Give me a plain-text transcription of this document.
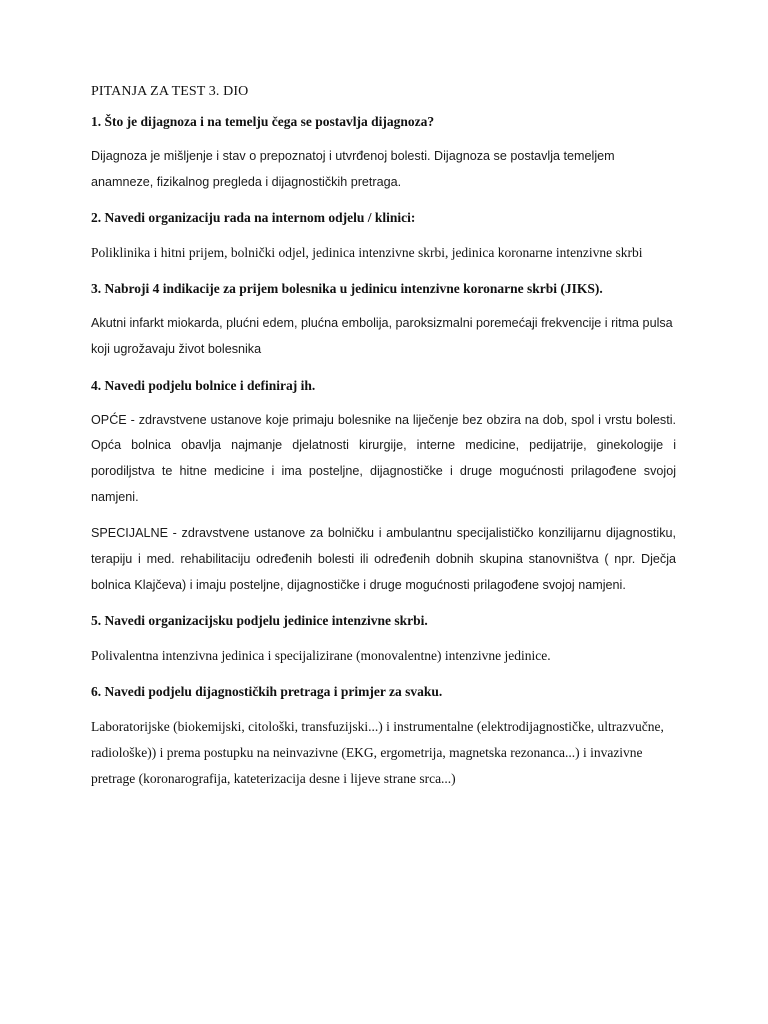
PITANJA ZA TEST 3. DIO

1. Što je dijagnoza i na temelju čega se postavlja dijagnoza?

Dijagnoza je mišljenje i stav o prepoznatoj i utvrđenoj bolesti. Dijagnoza se postavlja temeljem anamneze, fizikalnog pregleda i dijagnostičkih pretraga.

2. Navedi organizaciju rada na internom odjelu / klinici:

Poliklinika i hitni prijem, bolnički odjel, jedinica intenzivne skrbi, jedinica koronarne intenzivne skrbi

3. Nabroji 4 indikacije za prijem bolesnika u jedinicu intenzivne koronarne skrbi (JIKS).

Akutni infarkt miokarda, plućni edem, plućna embolija, paroksizmalni poremećaji frekvencije i ritma pulsa koji ugrožavaju život bolesnika

4. Navedi podjelu bolnice i definiraj ih.

OPĆE - zdravstvene ustanove koje primaju bolesnike na liječenje bez obzira na dob, spol i vrstu bolesti. Opća bolnica obavlja najmanje djelatnosti kirurgije, interne medicine, pedijatrije, ginekologije i porodiljstva te hitne medicine i ima posteljne, dijagnostičke i druge mogućnosti prilagođene svojoj namjeni.

SPECIJALNE - zdravstvene ustanove za bolničku i ambulantnu specijalističko konzilijarnu dijagnostiku, terapiju i med. rehabilitaciju određenih bolesti ili određenih dobnih skupina stanovništva ( npr. Dječja bolnica Klajčeva) i imaju posteljne, dijagnostičke i druge mogućnosti prilagođene svojoj namjeni.

5. Navedi organizacijsku podjelu jedinice intenzivne skrbi.

Polivalentna intenzivna jedinica i specijalizirane (monovalentne) intenzivne jedinice.

6. Navedi podjelu dijagnostičkih pretraga i primjer za svaku.

Laboratorijske (biokemijski, citološki, transfuzijski...) i instrumentalne (elektrodijagnostičke, ultrazvučne, radiološke)) i prema postupku na neinvazivne (EKG, ergometrija, magnetska rezonanca...) i invazivne pretrage (koronarografija, kateterizacija desne i lijeve strane srca...)
